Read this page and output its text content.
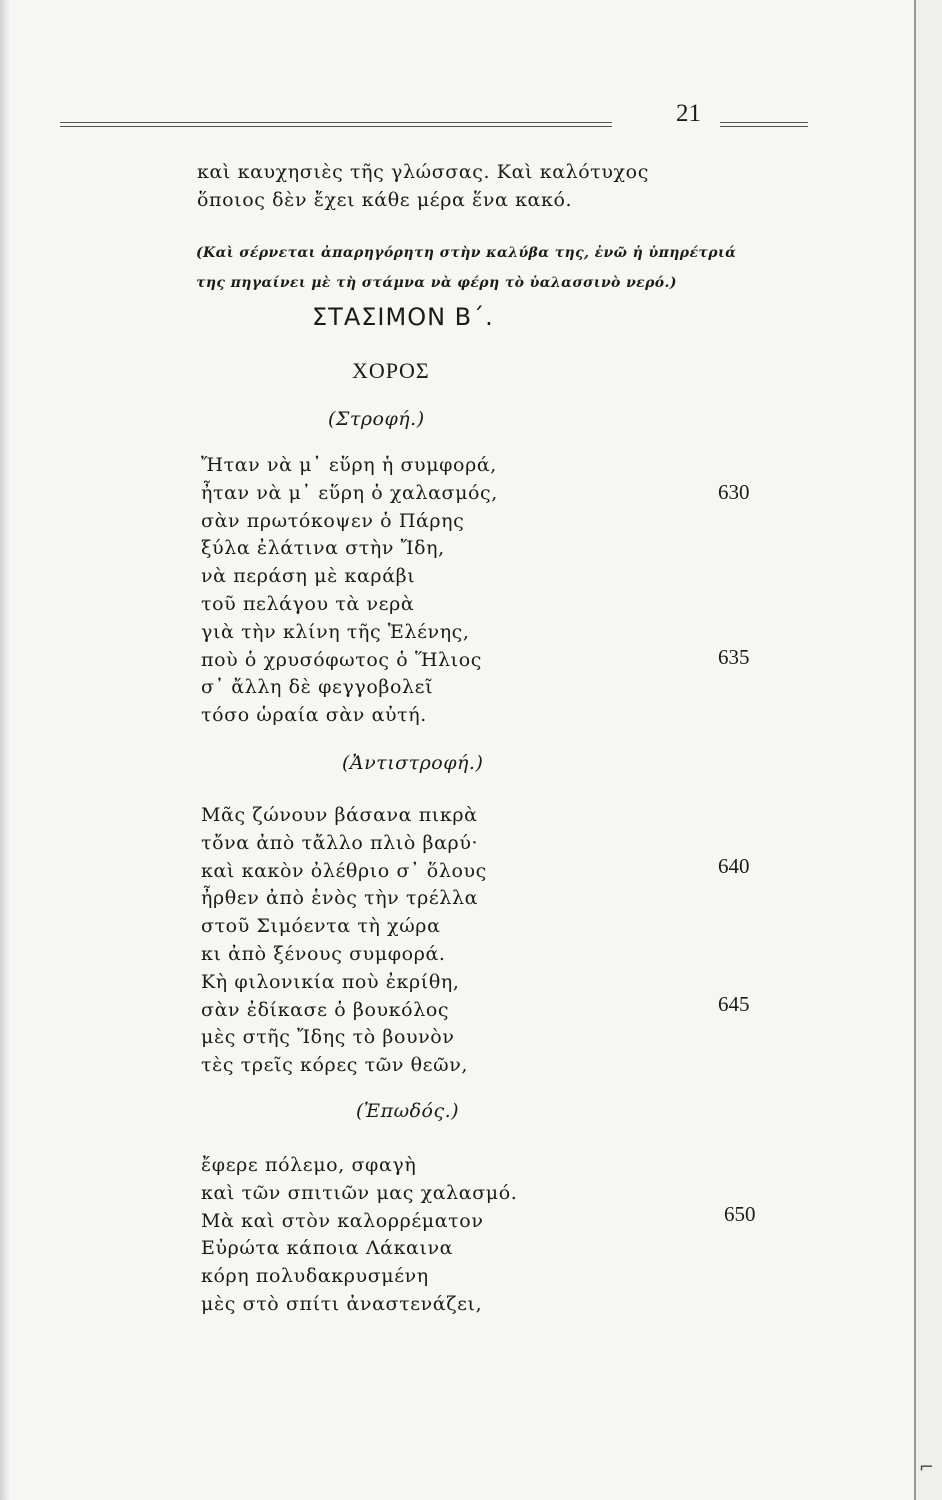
21
καὶ καυχησιὲς τῆς γλώσσας. Καὶ καλότυχος
ὅποιος δὲν ἔχει κάθε μέρα ἕνα κακό.
(Καὶ σέρνεται ἀπαρηγόρητη στὴν καλύβα της, ἐνῶ ἡ ὑπηρέτριά
της πηγαίνει μὲ τὴ στάμνα νὰ φέρη τὸ ὑαλασσινὸ νερό.)
ΣΤΑΣΙΜΟΝ Β΄.
ΧΟΡΟΣ
(Στροφή.)
Ἤταν νὰ μ᾿ εὕρη ἡ συμφορά,
ἦταν νὰ μ᾿ εὕρη ὁ χαλασμός,
σὰν πρωτόκοψεν ὁ Πάρης
ξύλα ἐλάτινα στὴν Ἴδη,
νὰ περάση μὲ καράβι
τοῦ πελάγου τὰ νερὰ
γιὰ τὴν κλίνη τῆς Ἑλένης,
ποὺ ὁ χρυσόφωτος ὁ Ἥλιος
σ᾿ ἄλλη δὲ φεγγοβολεῖ
τόσο ὡραία σὰν αὐτή.
630
635
(Ἀντιστροφή.)
Μᾶς ζώνουν βάσανα πικρὰ
τὄνα ἀπὸ τἄλλο πλιὸ βαρύ·
καὶ κακὸν ὀλέθριο σ᾿ ὅλους
ἦρθεν ἀπὸ ἑνὸς τὴν τρέλλα
στοῦ Σιμόεντα τὴ χώρα
κι ἀπὸ ξένους συμφορά.
Κὴ φιλονικία ποὺ ἐκρίθη,
σὰν ἐδίκασε ὁ βουκόλος
μὲς στῆς Ἴδης τὸ βουνὸν
τὲς τρεῖς κόρες τῶν θεῶν,
640
645
(Ἐπωδός.)
ἔφερε πόλεμο, σφαγὴ
καὶ τῶν σπιτιῶν μας χαλασμό.
Μὰ καὶ στὸν καλορρέματον
Εὐρώτα κάποια Λάκαινα
κόρη πολυδακρυσμένη
μὲς στὸ σπίτι ἀναστενάζει,
650
⌐
